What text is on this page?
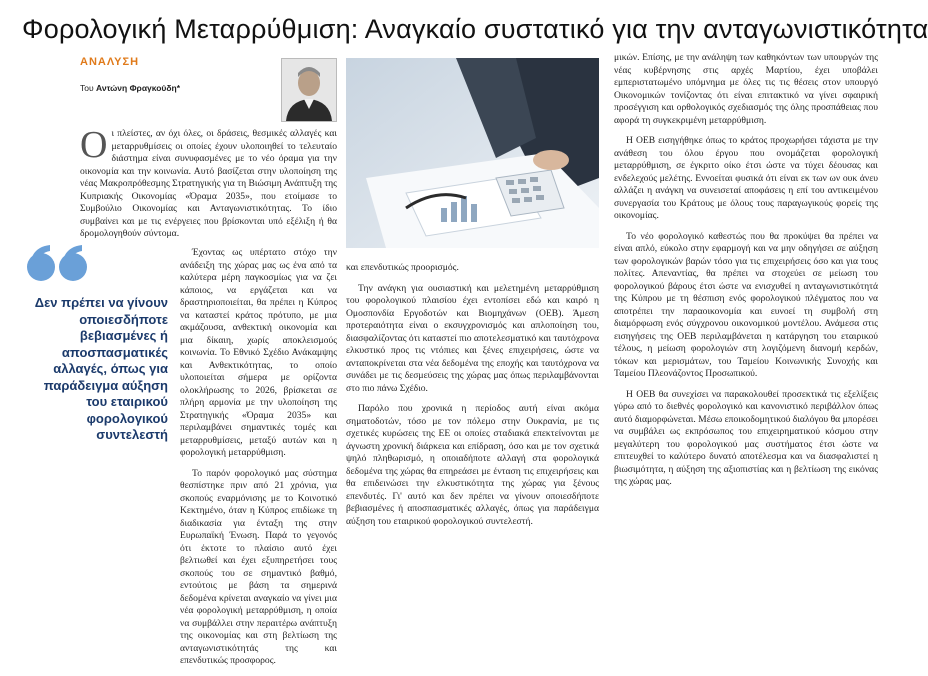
Φορολογική Μεταρρύθμιση: Αναγκαίο συστατικό για την ανταγωνιστικότητα
ΑΝΑΛΥΣΗ
Του Αντώνη Φραγκούδη*

Οι πλείστες, αν όχι όλες, οι δράσεις, θεσμικές αλλαγές και μεταρρυθμίσεις οι οποίες έχουν υλοποιηθεί το τελευταίο διάστημα είναι συνυφασμένες με το νέο όραμα για την οικονομία και την κοινωνία. Αυτό βασίζεται στην υλοποίηση της νέας Μακροπρόθεσμης Στρατηγικής για τη Βιώσιμη Ανάπτυξη της Κυπριακής Οικονομίας «Όραμα 2035», που ετοίμασε το Συμβούλιο Οικονομίας και Ανταγωνιστικότητας. Το ίδιο συμβαίνει και με τις ενέργειες που βρίσκονται υπό εξέλιξη ή θα δρομολογηθούν σύντομα.

Δεν πρέπει να γίνουν οποιεσδήποτε βεβιασμένες ή αποσπασματικές αλλαγές, όπως για παράδειγμα αύξηση του εταιρικού φορολογικού συντελεστή

Έχοντας ως υπέρτατο στόχο την ανάδειξη της χώρας μας ως ένα από τα καλύτερα μέρη παγκοσμίως για να ζει κάποιος, να εργάζεται και να δραστηριοποιείται, θα πρέπει η Κύπρος να καταστεί κράτος πρότυπο, με μια ακμάζουσα, ανθεκτική οικονομία και μια δίκαιη, χωρίς αποκλεισμούς κοινωνία. Το Εθνικό Σχέδιο Ανάκαμψης και Ανθεκτικότητας, το οποίο υλοποιείται σήμερα με ορίζοντα ολοκλήρωσης το 2026, βρίσκεται σε πλήρη αρμονία με την υλοποίηση της Στρατηγικής «Όραμα 2035» και περιλαμβάνει σημαντικές τομές και μεταρρυθμίσεις, μεταξύ αυτών και η φορολογική μεταρρύθμιση.

Το παρόν φορολογικό μας σύστημα θεσπίστηκε πριν από 21 χρόνια, για σκοπούς εναρμόνισης με το Κοινοτικό Κεκτημένο, όταν η Κύπρος επιδίωκε τη διαδικασία για ένταξη της στην Ευρωπαϊκή Ένωση. Παρά το γεγονός ότι έκτοτε το πλαίσιο αυτό έχει βελτιωθεί και έχει εξυπηρετήσει τους σκοπούς του σε σημαντικό βαθμό, εντούτοις με βάση τα σημερινά δεδομένα κρίνεται αναγκαίο να γίνει μια νέα φορολογική μεταρρύθμιση, η οποία να συμβάλλει στην περαιτέρω ανάπτυξη της οικονομίας και στη βελτίωση της ανταγωνιστικότητάς της και επενδυτικώς προσφορος.

και επενδυτικώς προορισμός.

Την ανάγκη για ουσιαστική και μελετημένη μεταρρύθμιση του φορολογικού πλαισίου έχει εντοπίσει εδώ και καιρό η Ομοσπονδία Εργοδοτών και Βιομηχάνων (ΟΕΒ). Άμεση προτεραιότητα είναι ο εκσυγχρονισμός και απλοποίηση του, διασφαλίζοντας ότι καταστεί πιο αποτελεσματικό και ταυτόχρονα ελκυστικό προς τις ντόπιες και ξένες επιχειρήσεις, ώστε να ανταποκρίνεται στα νέα δεδομένα της εποχής και ταυτόχρονα να συνάδει με τις δεσμεύσεις της χώρας μας όπως περιλαμβάνονται στο πιο πάνω Σχέδιο.

Παρόλο που χρονικά η περίοδος αυτή είναι ακόμα σηματοδοτών, τόσο με τον πόλεμο στην Ουκρανία, με τις σχετικές κυρώσεις της ΕΕ οι οποίες σταδιακά επεκτείνονται με άγνωστη χρονική διάρκεια και επίδραση, όσο και με τον σχετικά ψηλό πληθωρισμό, η οποιαδήποτε αλλαγή στα φορολογικά δεδομένα της χώρας θα επηρεάσει με ένταση τις επιχειρήσεις και θα επιδεινώσει την ελκυστικότητα της χώρας για ξένους επενδυτές. Γι' αυτό και δεν πρέπει να γίνουν οποιεσδήποτε βεβιασμένες ή αποσπασματικές αλλαγές, όπως για παράδειγμα αύξηση του εταιρικού φορολογικού συντελεστή.

μικών. Επίσης, με την ανάληψη των καθηκόντων των υπουργών της νέας κυβέρνησης στις αρχές Μαρτίου, έχει υποβάλει εμπεριστατωμένο υπόμνημα με όλες τις τις θέσεις στον υπουργό Οικονομικών τονίζοντας ότι είναι επιτακτικό να γίνει σφαιρική προσέγγιση και ορθολογικός σχεδιασμός της όλης προσπάθειας που αφορά τη συγκεκριμένη μεταρρύθμιση.

Η ΟΕΒ εισηγήθηκε όπως το κράτος προχωρήσει τάχιστα με την ανάθεση του όλου έργου που ονομάζεται φορολογική μεταρρύθμιση, σε έγκριτο οίκο έτσι ώστε να τύχει δέουσας και ενδελεχούς μελέτης. Εννοείται φυσικά ότι είναι εκ των ων ουκ άνευ αλλάζει η ανάγκη να συνεισεταί αποφάσεις η επί του αντικειμένου συνεργασία του Κράτους με όλους τους παραγωγικούς φορείς της οικονομίας.

Το νέο φορολογικό καθεστώς που θα προκύψει θα πρέπει να είναι απλό, εύκολο στην εφαρμογή και να μην οδηγήσει σε αύξηση των φορολογικών βαρών τόσο για τις επιχειρήσεις όσο και για τους πολίτες. Απεναντίας, θα πρέπει να στοχεύει σε μείωση του φορολογικού βάρους έτσι ώστε να ενισχυθεί η ανταγωνιστικότητά της Κύπρου με τη θέσπιση ενός φορολογικού πλέγματος που να αποτρέπει την παραοικονομία και ευνοεί τη συμβολή στη διαμόρφωση ενός σύγχρονου οικονομικού μοντέλου. Ανάμεσα στις εισηγήσεις της ΟΕΒ περιλαμβάνεται η κατάργηση του εταιρικού τέλους, η μείωση φορολογιών στη λογιζόμενη διανομή κερδών, τόκων και μερισμάτων, του Ταμείου Κοινωνικής Συνοχής και Ταμείου Πλεονάζοντος Προσωπικού.

Η ΟΕΒ θα συνεχίσει να παρακολουθεί προσεκτικά τις εξελίξεις γύρω από το διεθνές φορολογικό και κανονιστικό περιβάλλον όπως αυτό διαμορφώνεται. Μέσω εποικοδομητικού διαλόγου θα μπορέσει να συμβάλει ως εκπρόσωπος του επιχειρηματικού κόσμου στην μεγαλύτερη του φορολογικού μας συστήματος έτσι ώστε να επιτευχθεί το καλύτερο δυνατό αποτέλεσμα και να διασφαλιστεί η βιωσιμότητα, η αύξηση της αξιοπιστίας και η βελτίωση της εικόνας της χώρας μας.
